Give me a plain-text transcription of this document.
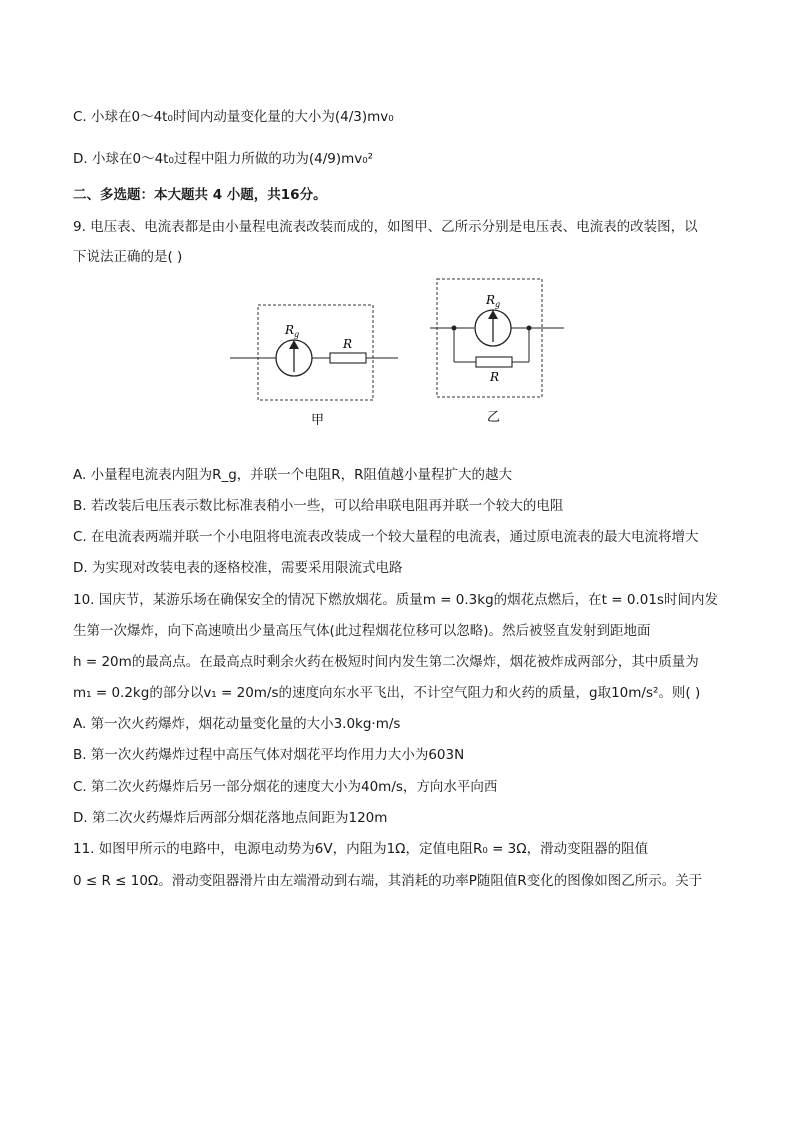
C. 小球在0～4t₀时间内动量变化量的大小为(4/3)mv₀
D. 小球在0～4t₀过程中阻力所做的功为(4/9)mv₀²
二、多选题：本大题共 4 小题，共16分。
9. 电压表、电流表都是由小量程电流表改装而成的，如图甲、乙所示分别是电压表、电流表的改装图，以
下说法正确的是( )
$R_g$
R
甲
$R_g$
R
乙
A. 小量程电流表内阻为R_g，并联一个电阻R，R阻值越小量程扩大的越大
B. 若改装后电压表示数比标准表稍小一些，可以给串联电阻再并联一个较大的电阻
C. 在电流表两端并联一个小电阻将电流表改装成一个较大量程的电流表，通过原电流表的最大电流将增大
D. 为实现对改装电表的逐格校准，需要采用限流式电路
10. 国庆节，某游乐场在确保安全的情况下燃放烟花。质量m = 0.3kg的烟花点燃后，在t = 0.01s时间内发
生第一次爆炸，向下高速喷出少量高压气体(此过程烟花位移可以忽略)。然后被竖直发射到距地面
h = 20m的最高点。在最高点时剩余火药在极短时间内发生第二次爆炸，烟花被炸成两部分，其中质量为
m₁ = 0.2kg的部分以v₁ = 20m/s的速度向东水平飞出，不计空气阻力和火药的质量，g取10m/s²。则( )
A. 第一次火药爆炸，烟花动量变化量的大小3.0kg·m/s
B. 第一次火药爆炸过程中高压气体对烟花平均作用力大小为603N
C. 第二次火药爆炸后另一部分烟花的速度大小为40m/s，方向水平向西
D. 第二次火药爆炸后两部分烟花落地点间距为120m
11. 如图甲所示的电路中，电源电动势为6V，内阻为1Ω，定值电阻R₀ = 3Ω，滑动变阻器的阻值
0 ≤ R ≤ 10Ω。滑动变阻器滑片由左端滑动到右端，其消耗的功率P随阻值R变化的图像如图乙所示。关于
